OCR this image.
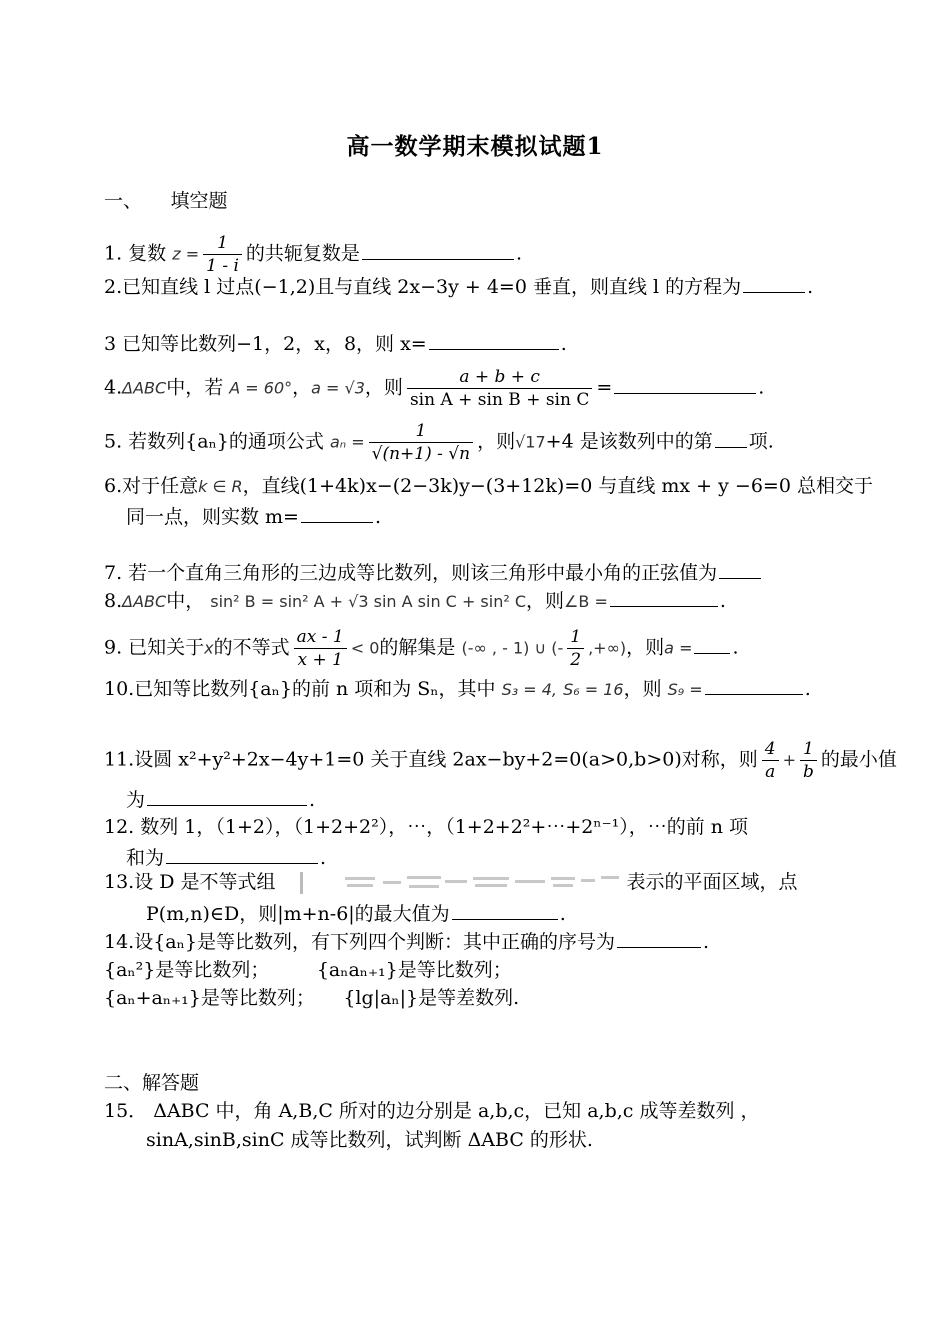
高一数学期末模拟试题1
一、　　填空题
1. 复数 $z = \frac{1}{1 - i}$ 的共轭复数是	.
2.已知直线 l 过点(−1,2)且与直线 2x−3y + 4=0 垂直，则直线 l 的方程为	.
3 已知等比数列−1，2，x，8，则 x=	.
4.ΔABC中，若 A = 60°，a = √3，则 $\frac{a + b + c}{\text{sin A + sin B + sin C}}$ =	.
5. 若数列{aₙ}的通项公式 $a_n = \frac{1}{√(n+1) - √n}$ ，则√17+4 是该数列中的第 项.
6.对于任意k ∈ R，直线(1+4k)x−(2−3k)y−(3+12k)=0 与直线 mx + y −6=0 总相交于
同一点，则实数 m=	.
7. 若一个直角三角形的三边成等比数列，则该三角形中最小角的正弦值为
8.ΔABC中， sin² B = sin² A + √3 sin A sin C + sin² C，则∠B =	.
9. 已知关于x的不等式 $\frac{ax - 1}{x + 1} < 0$的解集是 (-∞ , - 1) ∪ (- $\frac{1}{2}$ ,+∞)，则a = .
10.已知等比数列{aₙ}的前 n 项和为 Sₙ，其中 S₃ = 4, S₆ = 16，则 S₉ =	.
11.设圆 x²+y²+2x−4y+1=0 关于直线 2ax−by+2=0(a>0,b>0)对称，则 $\frac{4}{a} + \frac{1}{b}$ 的最小值
为	.
12. 数列 1，（1+2），（1+2+2²），⋯，（1+2+2²+⋯+2ⁿ⁻¹），⋯的前 n 项
和为	.
13.设 D 是不等式组	表示的平面区域，点
P(m,n)∈D，则|m+n-6|的最大值为	.
14.设{aₙ}是等比数列，有下列四个判断：其中正确的序号为	.
{aₙ²}是等比数列；　　　{aₙaₙ₊₁}是等比数列；
{aₙ+aₙ₊₁}是等比数列；　　{lg|aₙ|}是等差数列.
二、解答题
15． ΔABC 中，角 A,B,C 所对的边分别是 a,b,c，已知 a,b,c 成等差数列 ，
sinA,sinB,sinC 成等比数列，试判断 ΔABC 的形状.
